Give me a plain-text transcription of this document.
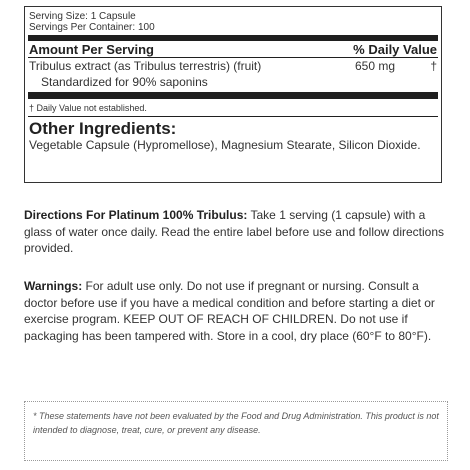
Serving Size: 1 Capsule
Servings Per Container: 100
Amount Per Serving	% Daily Value
Tribulus extract (as Tribulus terrestris) (fruit)	650 mg	†
Standardized for 90% saponins
† Daily Value not established.
Other Ingredients:
Vegetable Capsule (Hypromellose), Magnesium Stearate, Silicon Dioxide.
Directions For Platinum 100% Tribulus: Take 1 serving (1 capsule) with a glass of water once daily. Read the entire label before use and follow directions provided.
Warnings: For adult use only. Do not use if pregnant or nursing. Consult a doctor before use if you have a medical condition and before starting a diet or exercise program. KEEP OUT OF REACH OF CHILDREN. Do not use if packaging has been tampered with. Store in a cool, dry place (60°F to 80°F).
* These statements have not been evaluated by the Food and Drug Administration. This product is not intended to diagnose, treat, cure, or prevent any disease.
